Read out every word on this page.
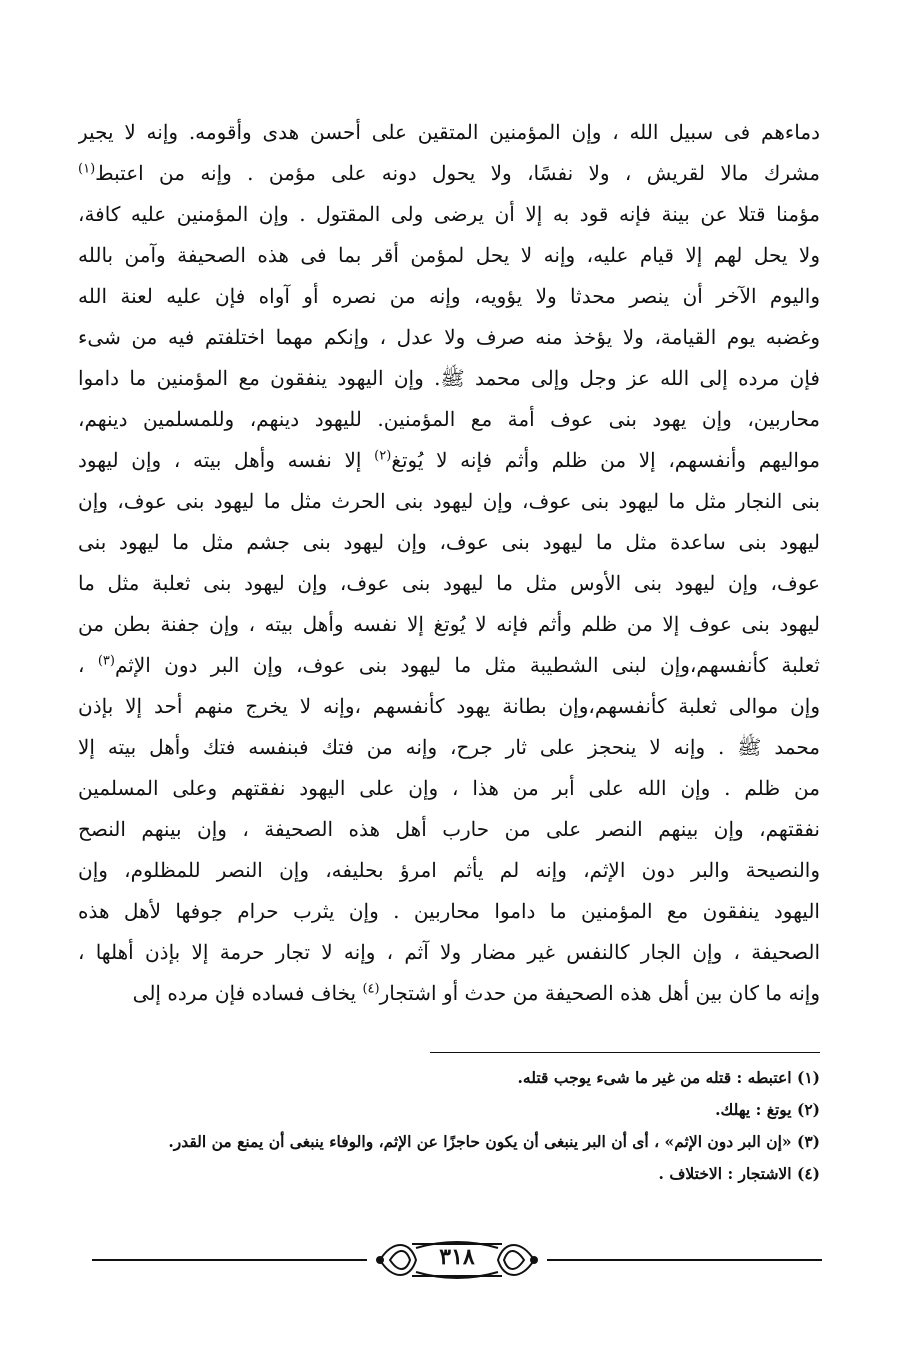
دماءهم فى سبيل الله ، وإن المؤمنين المتقين على أحسن هدى وأقومه. وإنه لا يجير
مشرك مالا لقريش ، ولا نفسًا، ولا يحول دونه على مؤمن . وإنه من اعتبط$^{(١)}$
مؤمنا قتلا عن بينة فإنه قود به إلا أن يرضى ولى المقتول . وإن المؤمنين عليه كافة،
ولا يحل لهم إلا قيام عليه، وإنه لا يحل لمؤمن أقر بما فى هذه الصحيفة وآمن بالله
واليوم الآخر أن ينصر محدثا ولا يؤويه، وإنه من نصره أو آواه فإن عليه لعنة الله
وغضبه يوم القيامة، ولا يؤخذ منه صرف ولا عدل ، وإنكم مهما اختلفتم فيه من شىء
فإن مرده إلى الله عز وجل وإلى محمد ﷺ. وإن اليهود ينفقون مع المؤمنين ما داموا
محاربين، وإن يهود بنى عوف أمة مع المؤمنين. لليهود دينهم، وللمسلمين دينهم،
مواليهم وأنفسهم، إلا من ظلم وأثم فإنه لا يُوتغ$^{(٢)}$ إلا نفسه وأهل بيته ، وإن ليهود
بنى النجار مثل ما ليهود بنى عوف، وإن ليهود بنى الحرث مثل ما ليهود بنى عوف، وإن
ليهود بنى ساعدة مثل ما ليهود بنى عوف، وإن ليهود بنى جشم مثل ما ليهود بنى
عوف، وإن ليهود بنى الأوس مثل ما ليهود بنى عوف، وإن ليهود بنى ثعلبة مثل ما
ليهود بنى عوف إلا من ظلم وأثم فإنه لا يُوتغ إلا نفسه وأهل بيته ، وإن جفنة بطن من
ثعلبة كأنفسهم،وإن لبنى الشطيبة مثل ما ليهود بنى عوف، وإن البر دون الإثم$^{(٣)}$ ،
وإن موالى ثعلبة كأنفسهم،وإن بطانة يهود كأنفسهم ،وإنه لا يخرج منهم أحد إلا بإذن
محمد ﷺ . وإنه لا ينحجز على ثار جرح، وإنه من فتك فبنفسه فتك وأهل بيته إلا
من ظلم . وإن الله على أبر من هذا ، وإن على اليهود نفقتهم وعلى المسلمين
نفقتهم، وإن بينهم النصر على من حارب أهل هذه الصحيفة ، وإن بينهم النصح
والنصيحة والبر دون الإثم، وإنه لم يأثم امرؤ بحليفه، وإن النصر للمظلوم، وإن
اليهود ينفقون مع المؤمنين ما داموا محاربين . وإن يثرب حرام جوفها لأهل هذه
الصحيفة ، وإن الجار كالنفس غير مضار ولا آثم ، وإنه لا تجار حرمة إلا بإذن أهلها ،
وإنه ما كان بين أهل هذه الصحيفة من حدث أو اشتجار$^{(٤)}$ يخاف فساده فإن مرده إلى
(١) اعتبطه : قتله من غير ما شىء يوجب قتله.
(٢) يوتغ : يهلك.
(٣) «إن البر دون الإثم» ، أى أن البر ينبغى أن يكون حاجزًا عن الإثم، والوفاء ينبغى أن يمنع من القدر.
(٤) الاشتجار : الاختلاف .
٣١٨
